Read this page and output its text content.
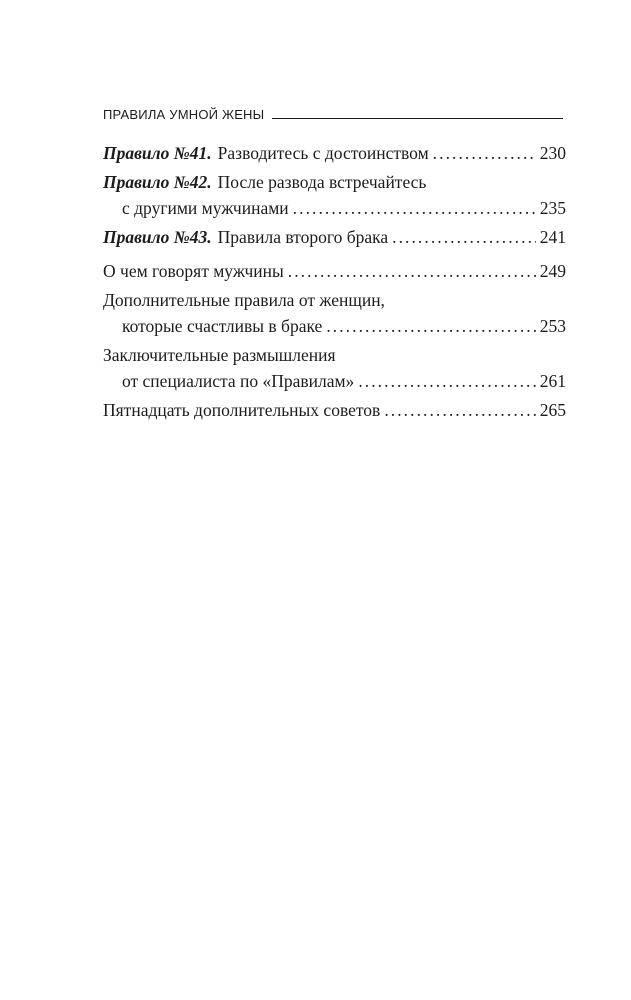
ПРАВИЛА УМНОЙ ЖЕНЫ
Правило №41. Разводитесь с достоинством . . .	230
Правило №42. После развода встречайтесь
с другими мужчинами . . .	235
Правило №43. Правила второго брака . . .	241
О чем говорят мужчины . . .	249
Дополнительные правила от женщин,
которые счастливы в браке . . .	253
Заключительные размышления
от специалиста по «Правилам» . . .	261
Пятнадцать дополнительных советов . . .	265
